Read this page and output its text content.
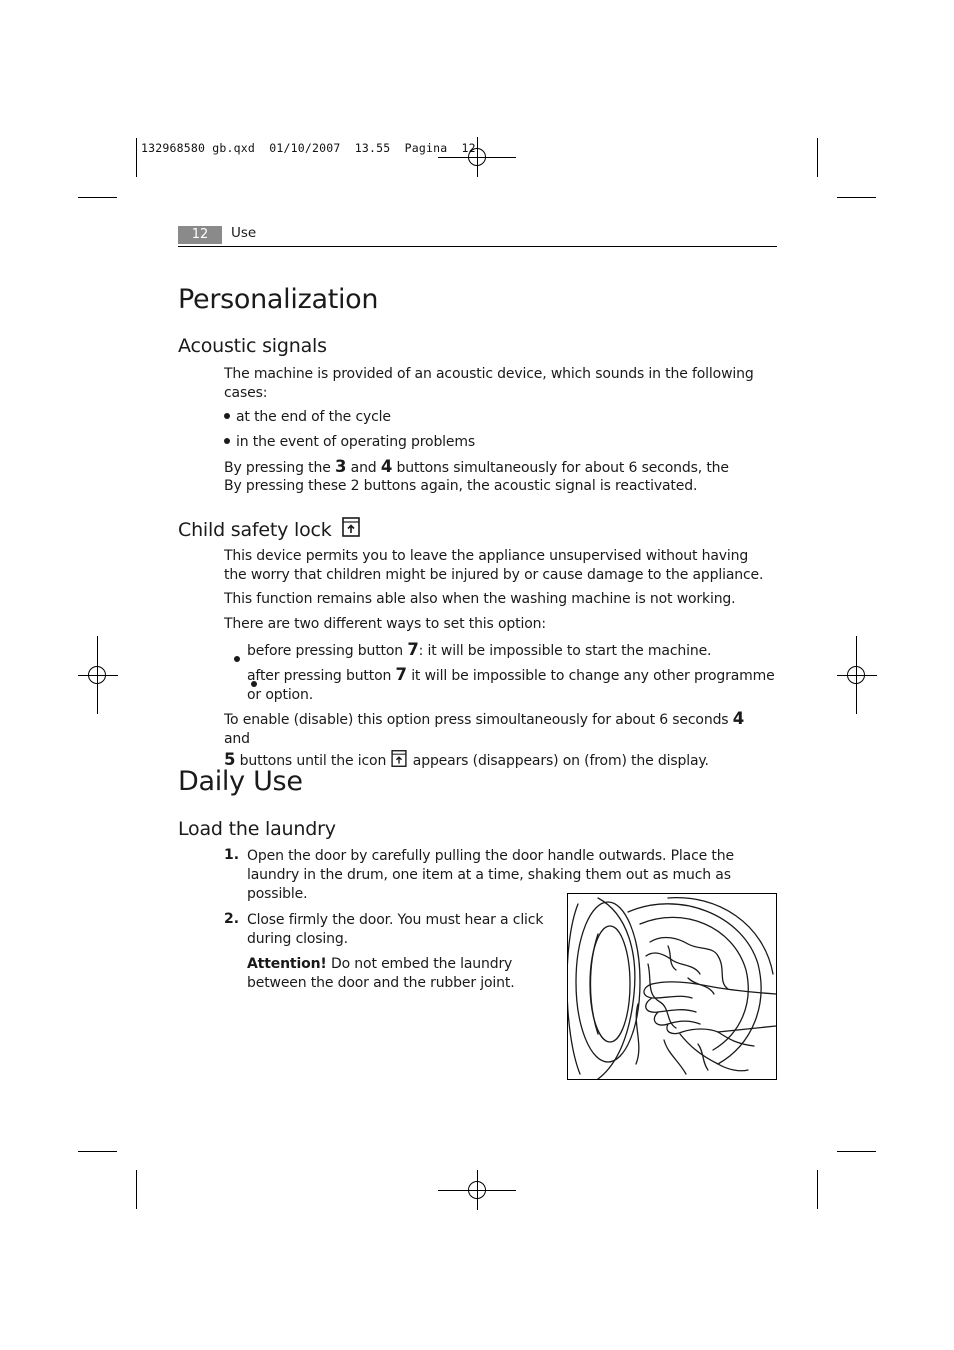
132968580 gb.qxd  01/10/2007  13.55  Pagina  12
12	Use
Personalization
Acoustic signals

The machine is provided of an acoustic device, which sounds in the following cases:

at the end of the cycle

in the event of operating problems

By pressing the 3 and 4 buttons simultaneously for about 6 seconds, the

By pressing these 2 buttons again, the acoustic signal is reactivated.

Child safety lock

This device permits you to leave the appliance unsupervised without having the worry that children might be injured by or cause damage to the appliance.

This function remains able also when the washing machine is not working.

There are two different ways to set this option:

before pressing button 7: it will be impossible to start the machine.

after pressing button 7 it will be impossible to change any other programme or option.

To enable (disable) this option press simoultaneously for about 6 seconds 4 and
5 buttons until the icon  appears (disappears) on (from) the display.

Daily Use
Load the laundry
1. Open the door by carefully pulling the door handle outwards. Place the laundry in the drum, one item at a time, shaking them out as much as possible.

2. Close firmly the door. You must hear a click during closing.

Attention! Do not embed the laundry between the door and the rubber joint.
